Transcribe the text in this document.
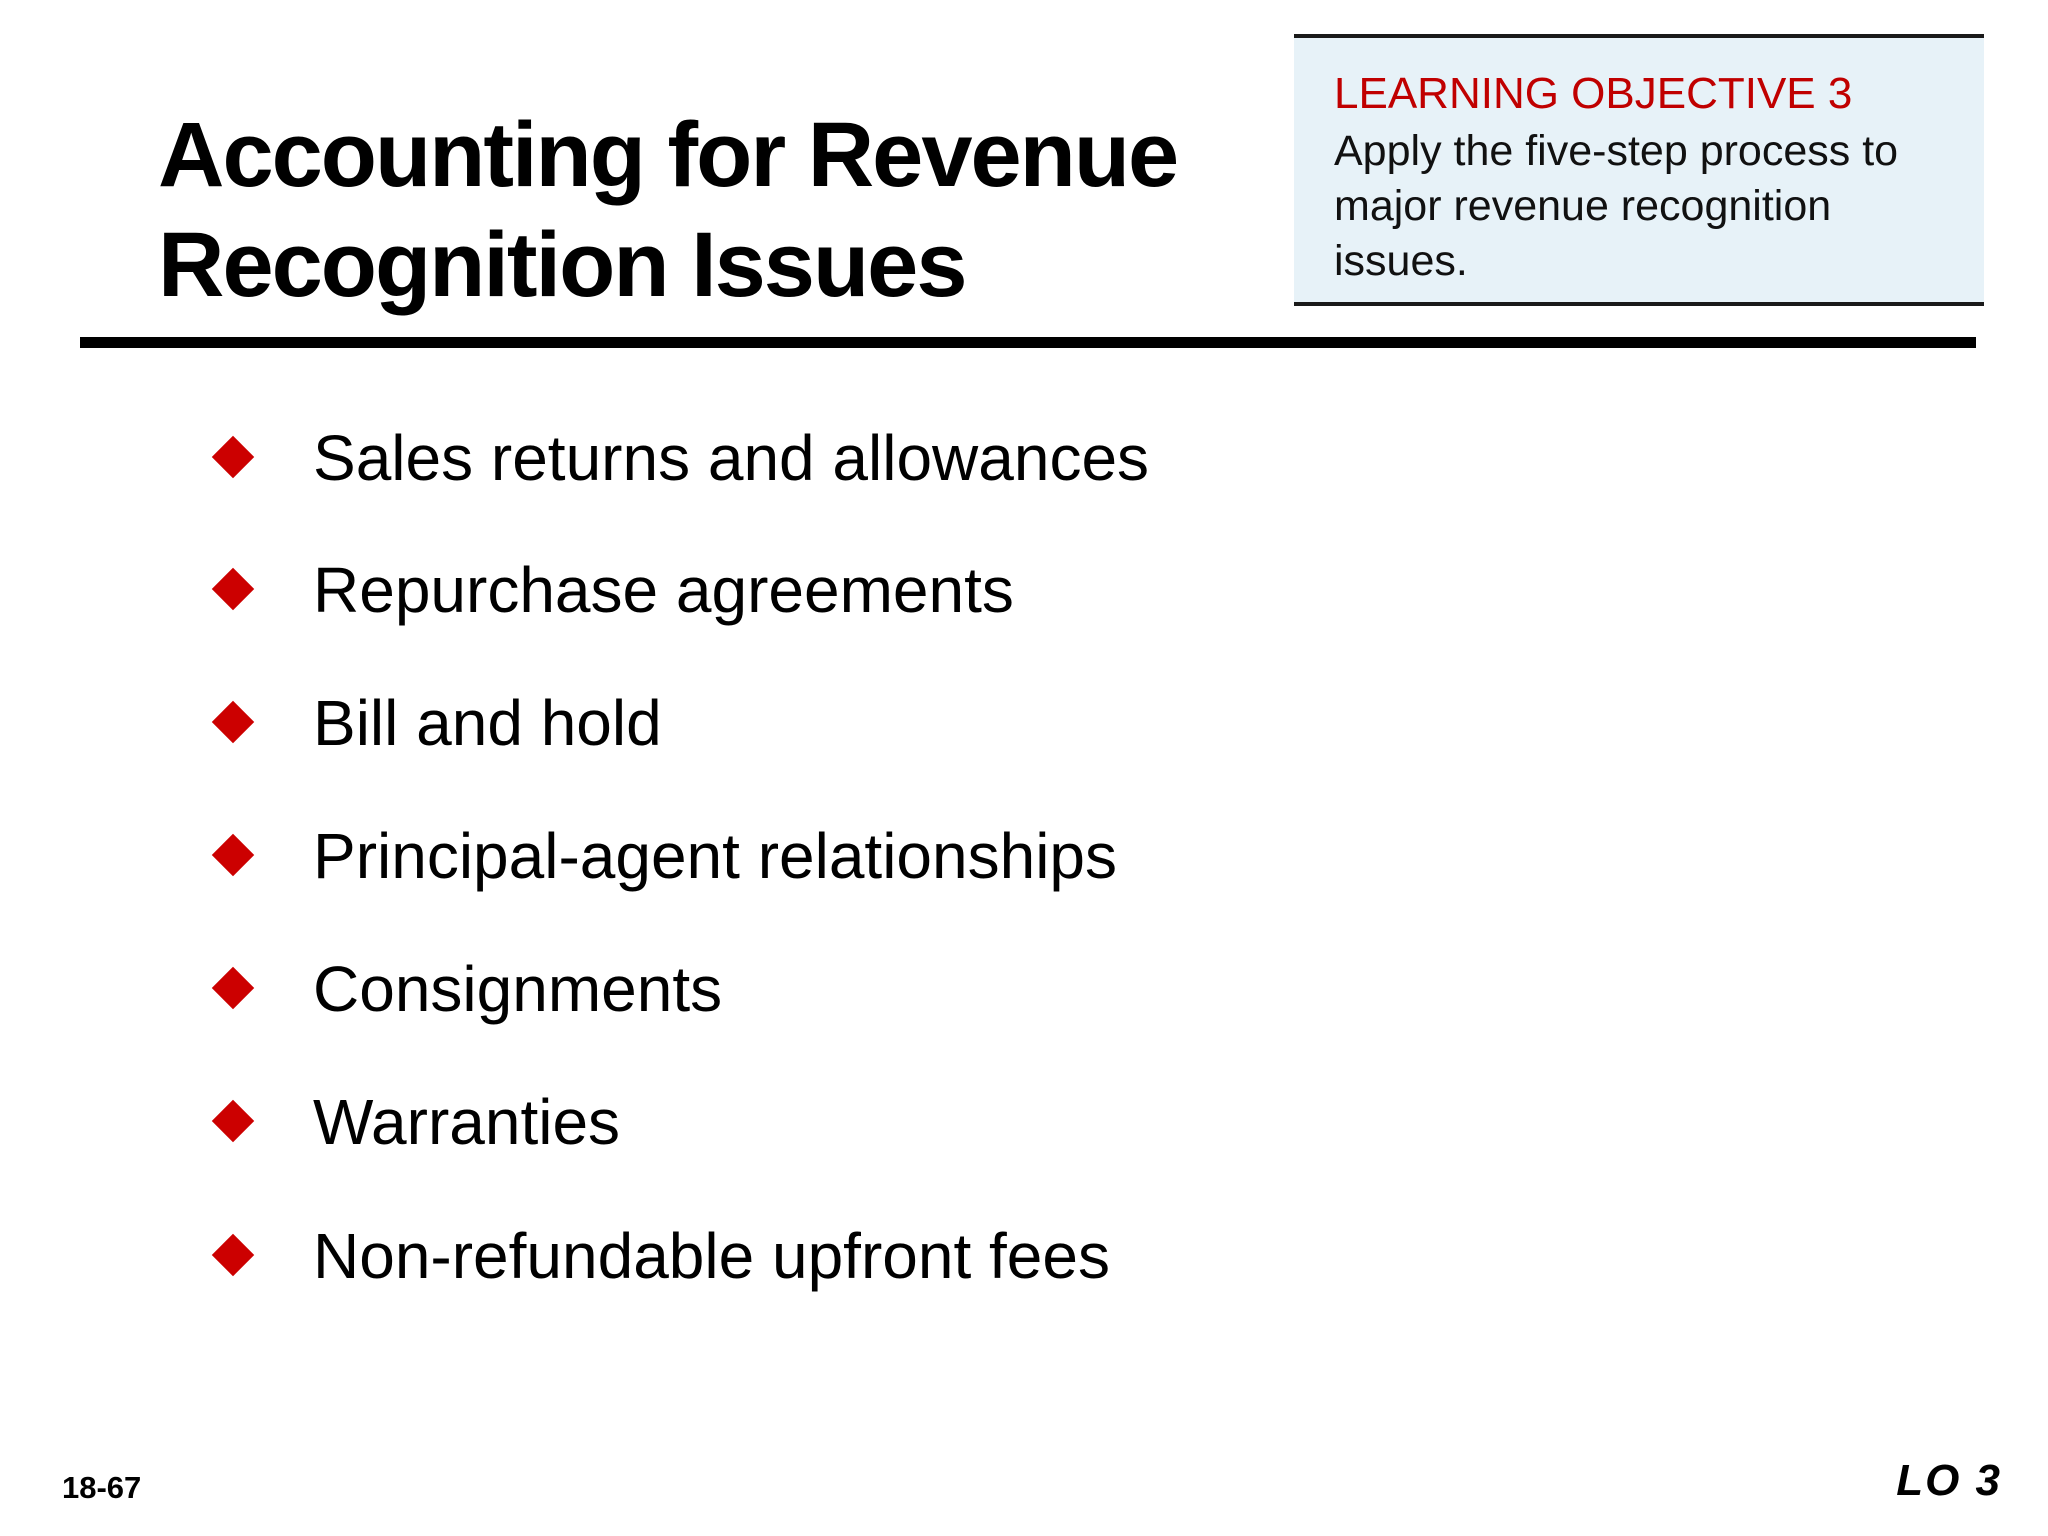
Accounting for Revenue
Recognition Issues
LEARNING OBJECTIVE 3
Apply the five-step process to
major revenue recognition
issues.
Sales returns and allowances
Repurchase agreements
Bill and hold
Principal-agent relationships
Consignments
Warranties
Non-refundable upfront fees
18-67	LO 3
